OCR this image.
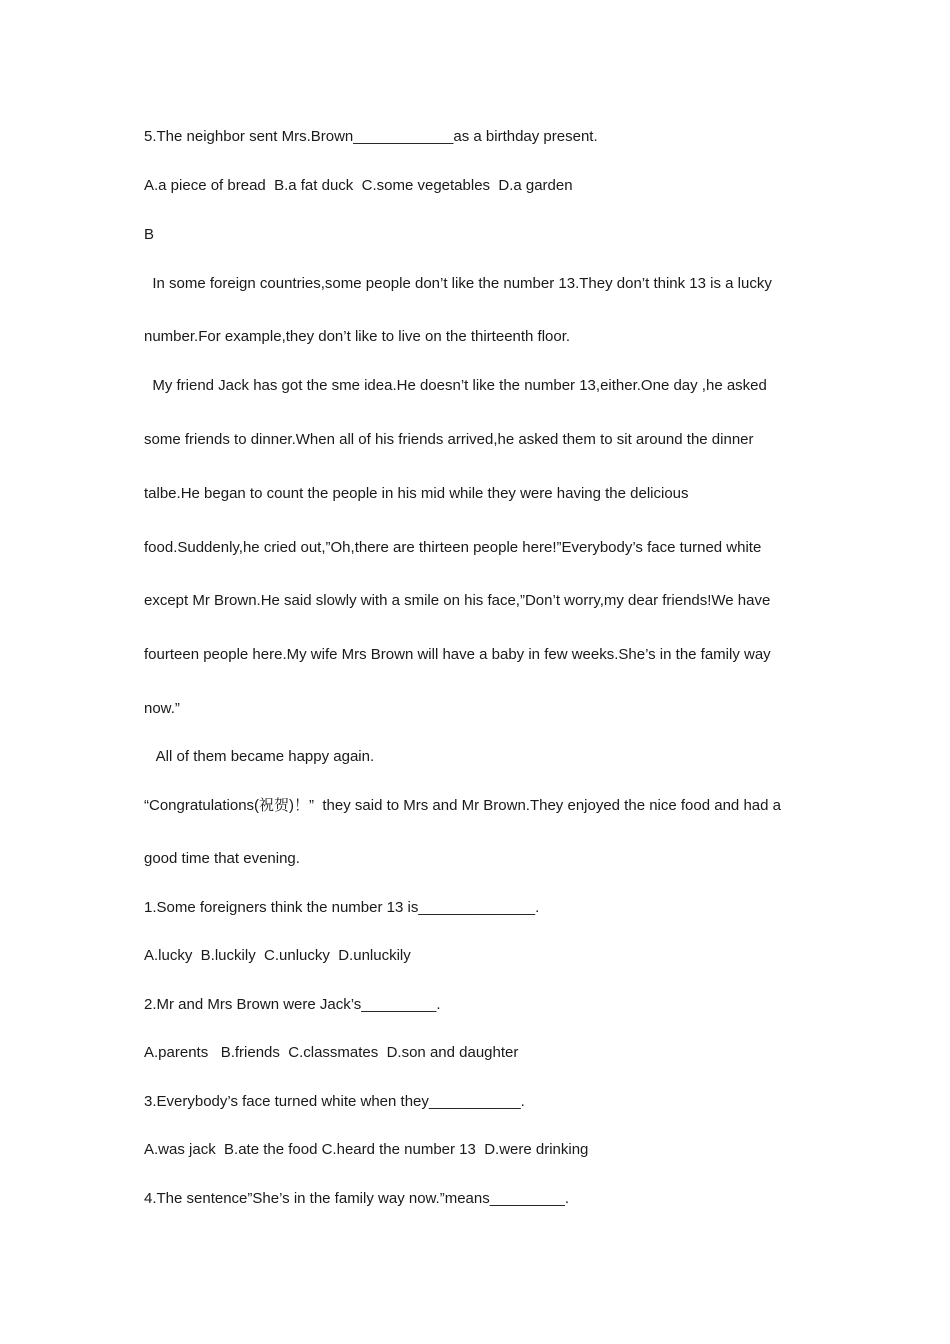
5.The neighbor sent Mrs.Brown____________as a birthday present.

A.a piece of bread  B.a fat duck  C.some vegetables  D.a garden

B

In some foreign countries,some people don’t like the number 13.They don’t think 13 is a lucky

number.For example,they don’t like to live on the thirteenth floor.

My friend Jack has got the sme idea.He doesn’t like the number 13,either.One day ,he asked

some friends to dinner.When all of his friends arrived,he asked them to sit around the dinner

talbe.He began to count the people in his mid while they were having the delicious

food.Suddenly,he cried out,”Oh,there are thirteen people here!”Everybody’s face turned white

except Mr Brown.He said slowly with a smile on his face,”Don’t worry,my dear friends!We have

fourteen people here.My wife Mrs Brown will have a baby in few weeks.She’s in the family way

now.”

All of them became happy again.

“Congratulations(祝贺)！”  they said to Mrs and Mr Brown.They enjoyed the nice food and had a

good time that evening.

1.Some foreigners think the number 13 is______________.

A.lucky  B.luckily  C.unlucky  D.unluckily

2.Mr and Mrs Brown were Jack’s_________.

A.parents   B.friends  C.classmates  D.son and daughter

3.Everybody’s face turned white when they___________.

A.was jack  B.ate the food C.heard the number 13  D.were drinking

4.The sentence”She’s in the family way now.”means_________.
